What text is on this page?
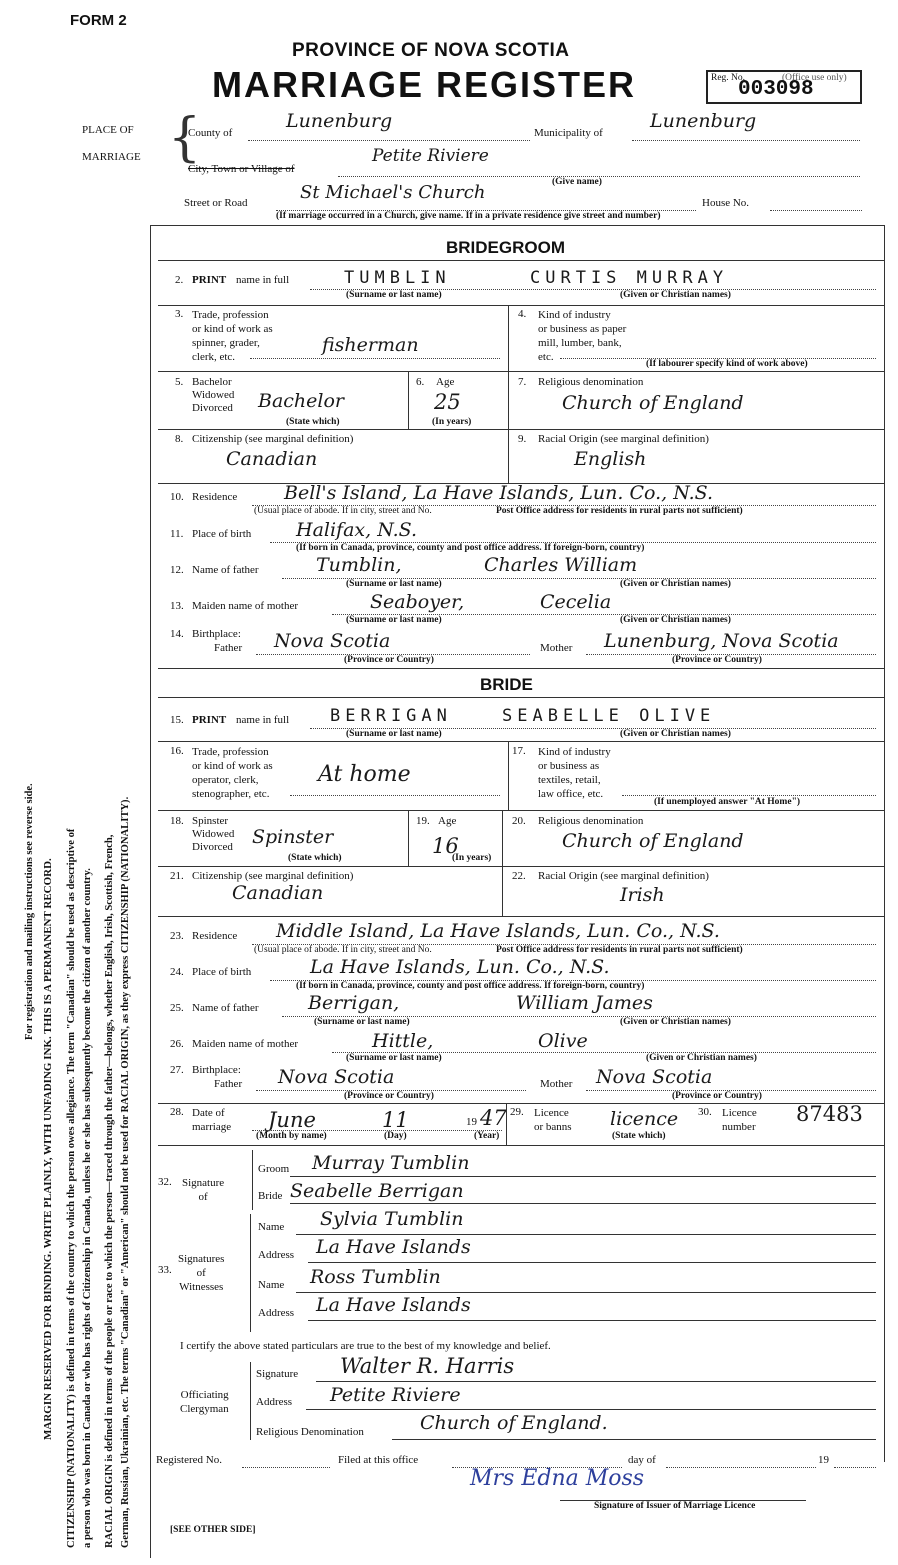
For registration and mailing instructions see reverse side. MARGIN RESERVED FOR BINDING. WRITE PLAINLY, WITH UNFADING INK. THIS IS A PERMANENT RECORD. CITIZENSHIP (NATIONALITY) is defined in terms of the country to which the person owes allegiance. The term "Canadian" should be used as descriptive of a person who was born in Canada or who has rights of Citizenship in Canada, unless he or she has subsequently become the citizen of another country. RACIAL ORIGIN is defined in terms of the people or race to which the person—traced through the father—belongs, whether English, Irish, Scottish, French, German, Russian, Ukrainian, etc. The terms "Canadian" or "American" should not be used for RACIAL ORIGIN, as they express CITIZENSHIP (NATIONALITY).
FORM 2
PROVINCE OF NOVA SCOTIA
MARRIAGE REGISTER	Reg. No.	(Office use only)
003098
PLACE OF
MARRIAGE {
County of
Lunenburg
Municipality of
Lunenburg
City, Town or Village of
Petite Riviere
(Give name)
Street or Road	St Michael's Church	House No.
(If marriage occurred in a Church, give name. If in a private residence give street and number)
BRIDEGROOM
2. PRINT name in full	TUMBLIN	CURTIS MURRAY
(Surname or last name)	(Given or Christian names)
3. Trade, profession
or kind of work as
spinner, grader,
clerk, etc.
fisherman
4. Kind of industry
or business as paper
mill, lumber, bank,
etc.
(If labourer specify kind of work above)
5. Bachelor
Widowed
Divorced Bachelor
(State which)
6. Age
25
(In years)
7. Religious denomination
Church of England
8. Citizenship (see marginal definition)
Canadian
9. Racial Origin (see marginal definition)
English
10. Residence Bell's Island, La Have Islands, Lun. Co., N.S.
(Usual place of abode. If in city, street and No.	Post Office address for residents in rural parts not sufficient)
11. Place of birth Halifax, N.S.
(If born in Canada, province, county and post office address. If foreign-born, country)
12. Name of father	Tumblin,	Charles William
(Surname or last name)	(Given or Christian names)
13. Maiden name of mother	Seaboyer,	Cecelia
(Surname or last name)	(Given or Christian names)
14. Birthplace:
Father Nova Scotia
(Province or Country)
Mother Lunenburg, Nova Scotia
(Province or Country)
BRIDE
15. PRINT name in full BERRIGAN	SEABELLE OLIVE
(Surname or last name)	(Given or Christian names)
16. Trade, profession
or kind of work as
operator, clerk,
stenographer, etc.
At home
17. Kind of industry
or business as
textiles, retail,
law office, etc.
(If unemployed answer "At Home")
18. Spinster
Widowed
Divorced Spinster
(State which)
19. Age
16
(In years)
20. Religious denomination
Church of England
21. Citizenship (see marginal definition)
Canadian
22. Racial Origin (see marginal definition)
Irish
23. Residence Middle Island, La Have Islands, Lun. Co., N.S.
(Usual place of abode. If in city, street and No.	Post Office address for residents in rural parts not sufficient)
24. Place of birth	La Have Islands, Lun. Co., N.S.
(If born in Canada, province, county and post office address. If foreign-born, country)
25. Name of father	Berrigan,	William James
(Surname or last name)	(Given or Christian names)
26. Maiden name of mother	Hittle,	Olive
(Surname or last name)	(Given or Christian names)
27. Birthplace:
Father Nova Scotia
(Province or Country)
Mother Nova Scotia
(Province or Country)
28. Date of
marriage June	11	19 47
(Month by name)	(Day)	(Year)
29. Licence
or banns licence
(State which)
30. Licence
number
87483
32. Signature
of
Groom Murray Tumblin
Bride Seabelle Berrigan
33.
Signatures
of
Witnesses
Name Sylvia Tumblin
Address La Have Islands
Name Ross Tumblin
Address La Have Islands
I certify the above stated particulars are true to the best of my knowledge and belief.
Officiating
Clergyman
Signature Walter R. Harris
Address Petite Riviere
Religious Denomination	Church of England.
Registered No.	Filed at this office	day of	19
Mrs Edna Moss
Signature of Issuer of Marriage Licence
[SEE OTHER SIDE]
